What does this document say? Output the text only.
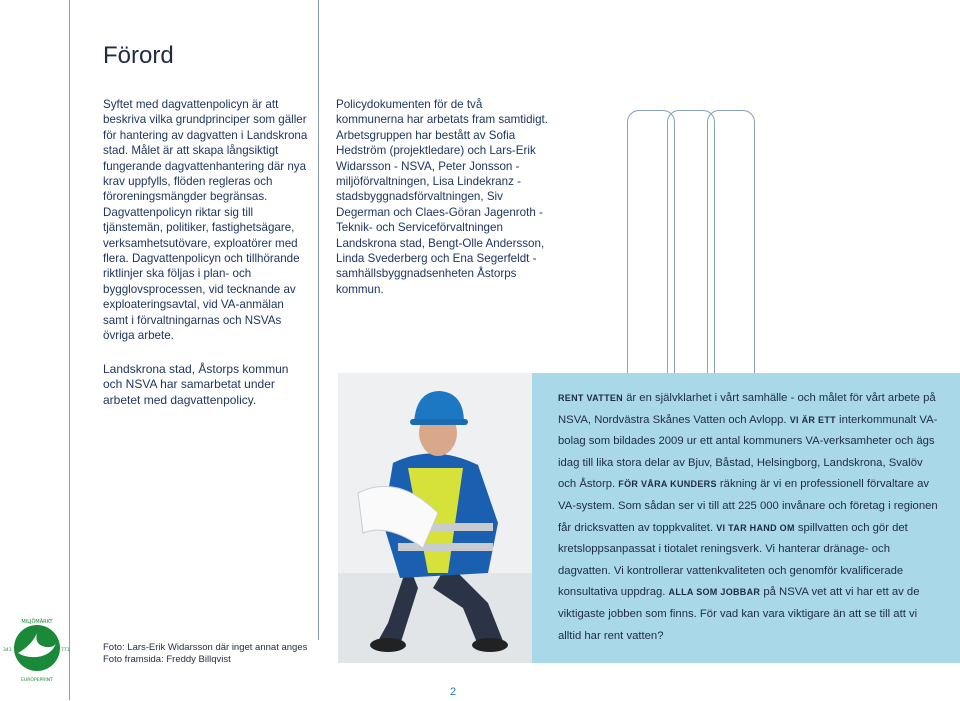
Förord

Syftet med dagvattenpolicyn är att beskriva vilka grundprinciper som gäller för hantering av dagvatten i Landskrona stad. Målet är att skapa långsiktigt fungerande dagvattenhantering där nya krav uppfylls, flöden regleras och föroreningsmängder begränsas. Dagvattenpolicyn riktar sig till tjänstemän, politiker, fastighetsägare, verksamhetsutövare, exploatörer med flera. Dagvattenpolicyn och tillhörande riktlinjer ska följas i plan- och bygglovsprocessen, vid tecknande av exploateringsavtal, vid VA-anmälan samt i förvaltningarnas och NSVAs övriga arbete.

Policydokumenten för de två kommunerna har arbetats fram samtidigt. Arbetsgruppen har bestått av Sofia Hedström (projektledare) och Lars-Erik Widarsson - NSVA, Peter Jonsson - miljöförvaltningen, Lisa Lindekranz - stadsbyggnadsförvaltningen, Siv Degerman och Claes-Göran Jagenroth - Teknik- och Serviceförvaltningen Landskrona stad, Bengt-Olle Andersson, Linda Svederberg och Ena Segerfeldt - samhällsbyggnadsenheten Åstorps kommun.

Landskrona stad, Åstorps kommun och NSVA har samarbetat under arbetet med dagvattenpolicy.	RENT VATTEN är en självklarhet i vårt samhälle - och målet för vårt arbete på NSVA, Nordvästra Skånes Vatten och Avlopp. VI ÄR ETT interkommunalt VA-bolag som bildades 2009 ur ett antal kommuners VA-verksamheter och ägs idag till lika stora delar av Bjuv, Båstad, Helsingborg, Landskrona, Svalöv och Åstorp. FÖR VÅRA KUNDERS räkning är vi en professionell förvaltare av VA-system. Som sådan ser vi till att 225 000 invånare och företag i regionen får dricksvatten av toppkvalitet. VI TAR HAND OM spillvatten och gör det kretsloppsanpassat i tiotalet reningsverk. Vi hanterar dränage- och dagvatten. Vi kontrollerar vattenkvaliteten och genomför kvalificerade konsultativa uppdrag. ALLA SOM JOBBAR på NSVA vet att vi har ett av de viktigaste jobben som finns. För vad kan vara viktigare än att se till att vi alltid har rent vatten?

Foto: Lars-Erik Widarsson där inget annat anges

Foto framsida: Freddy Billqvist

MILJÖMÄRKT
341	771
EUROPEPRINT
2
